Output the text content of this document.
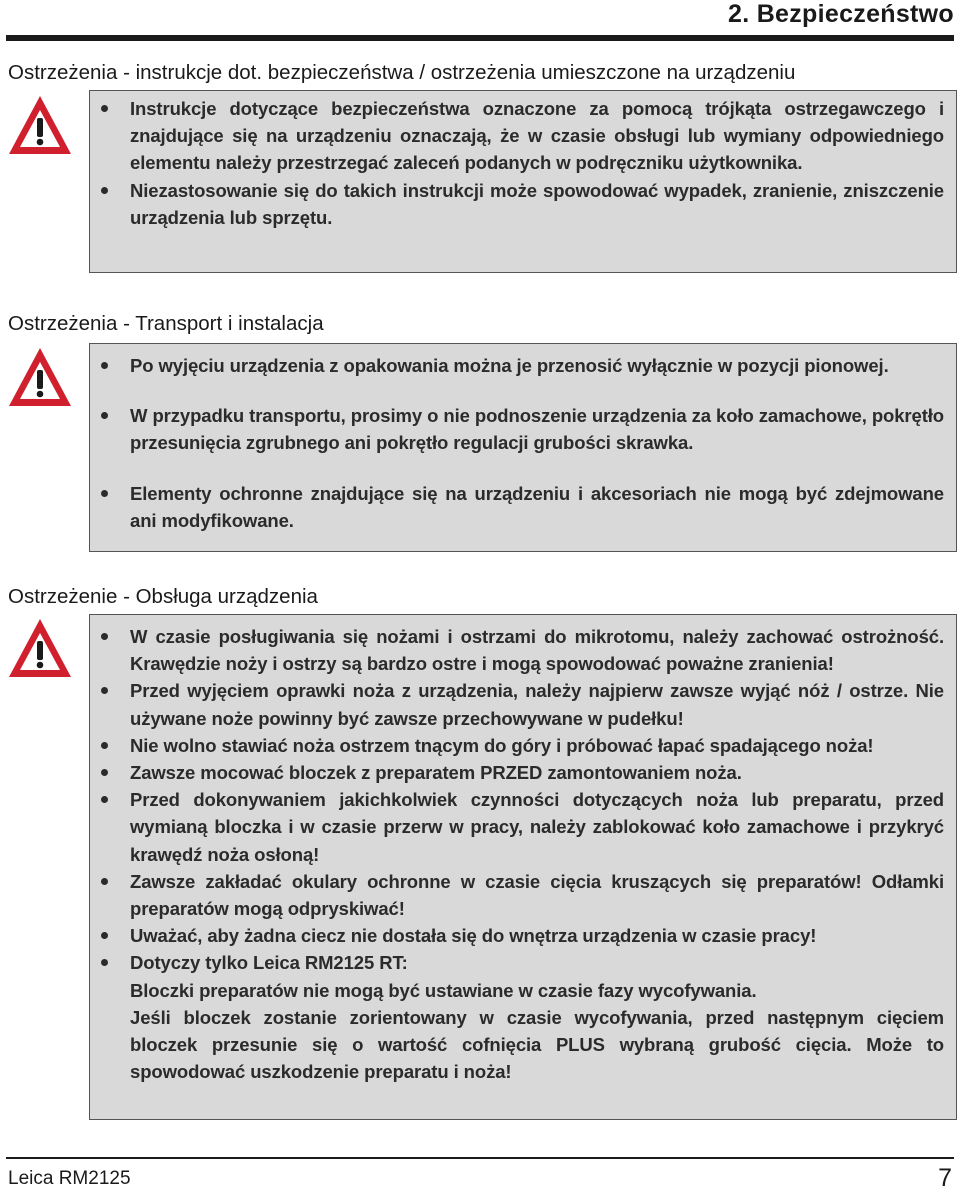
2. Bezpieczeństwo
Ostrzeżenia - instrukcje dot. bezpieczeństwa / ostrzeżenia umieszczone na urządzeniu
Instrukcje dotyczące bezpieczeństwa oznaczone za pomocą trójkąta ostrzegawczego i znajdujące się na urządzeniu oznaczają, że w czasie obsługi lub wymiany odpowiedniego elementu należy przestrzegać zaleceń podanych w podręczniku użytkownika.
Niezastosowanie się do takich instrukcji może spowodować wypadek, zranienie, zniszczenie urządzenia lub sprzętu.
Ostrzeżenia - Transport i instalacja
Po wyjęciu urządzenia z opakowania można je przenosić wyłącznie w pozycji pionowej.
W przypadku transportu, prosimy o nie podnoszenie urządzenia za koło zamachowe, pokrętło przesunięcia zgrubnego ani pokrętło regulacji grubości skrawka.
Elementy ochronne znajdujące się na urządzeniu i akcesoriach nie mogą być zdejmowane ani modyfikowane.
Ostrzeżenie - Obsługa urządzenia
W czasie posługiwania się nożami i ostrzami do mikrotomu, należy zachować ostrożność. Krawędzie noży i ostrzy są bardzo ostre i mogą spowodować poważne zranienia!
Przed wyjęciem oprawki noża z urządzenia, należy najpierw zawsze wyjąć nóż / ostrze. Nie używane noże powinny być zawsze przechowywane w pudełku!
Nie wolno stawiać noża ostrzem tnącym do góry i próbować łapać spadającego noża!
Zawsze mocować bloczek z preparatem PRZED zamontowaniem noża.
Przed dokonywaniem jakichkolwiek czynności dotyczących noża lub preparatu, przed wymianą bloczka i w czasie przerw w pracy, należy zablokować koło zamachowe i przykryć krawędź noża osłoną!
Zawsze zakładać okulary ochronne w czasie cięcia kruszących się preparatów! Odłamki preparatów mogą odpryskiwać!
Uważać, aby żadna ciecz nie dostała się do wnętrza urządzenia w czasie pracy!
Dotyczy tylko Leica RM2125 RT:
Bloczki preparatów nie mogą być ustawiane w czasie fazy wycofywania.
Jeśli bloczek zostanie zorientowany w czasie wycofywania, przed następnym cięciem bloczek przesunie się o wartość cofnięcia PLUS wybraną grubość cięcia. Może to spowodować uszkodzenie preparatu i noża!
Leica RM2125	7
